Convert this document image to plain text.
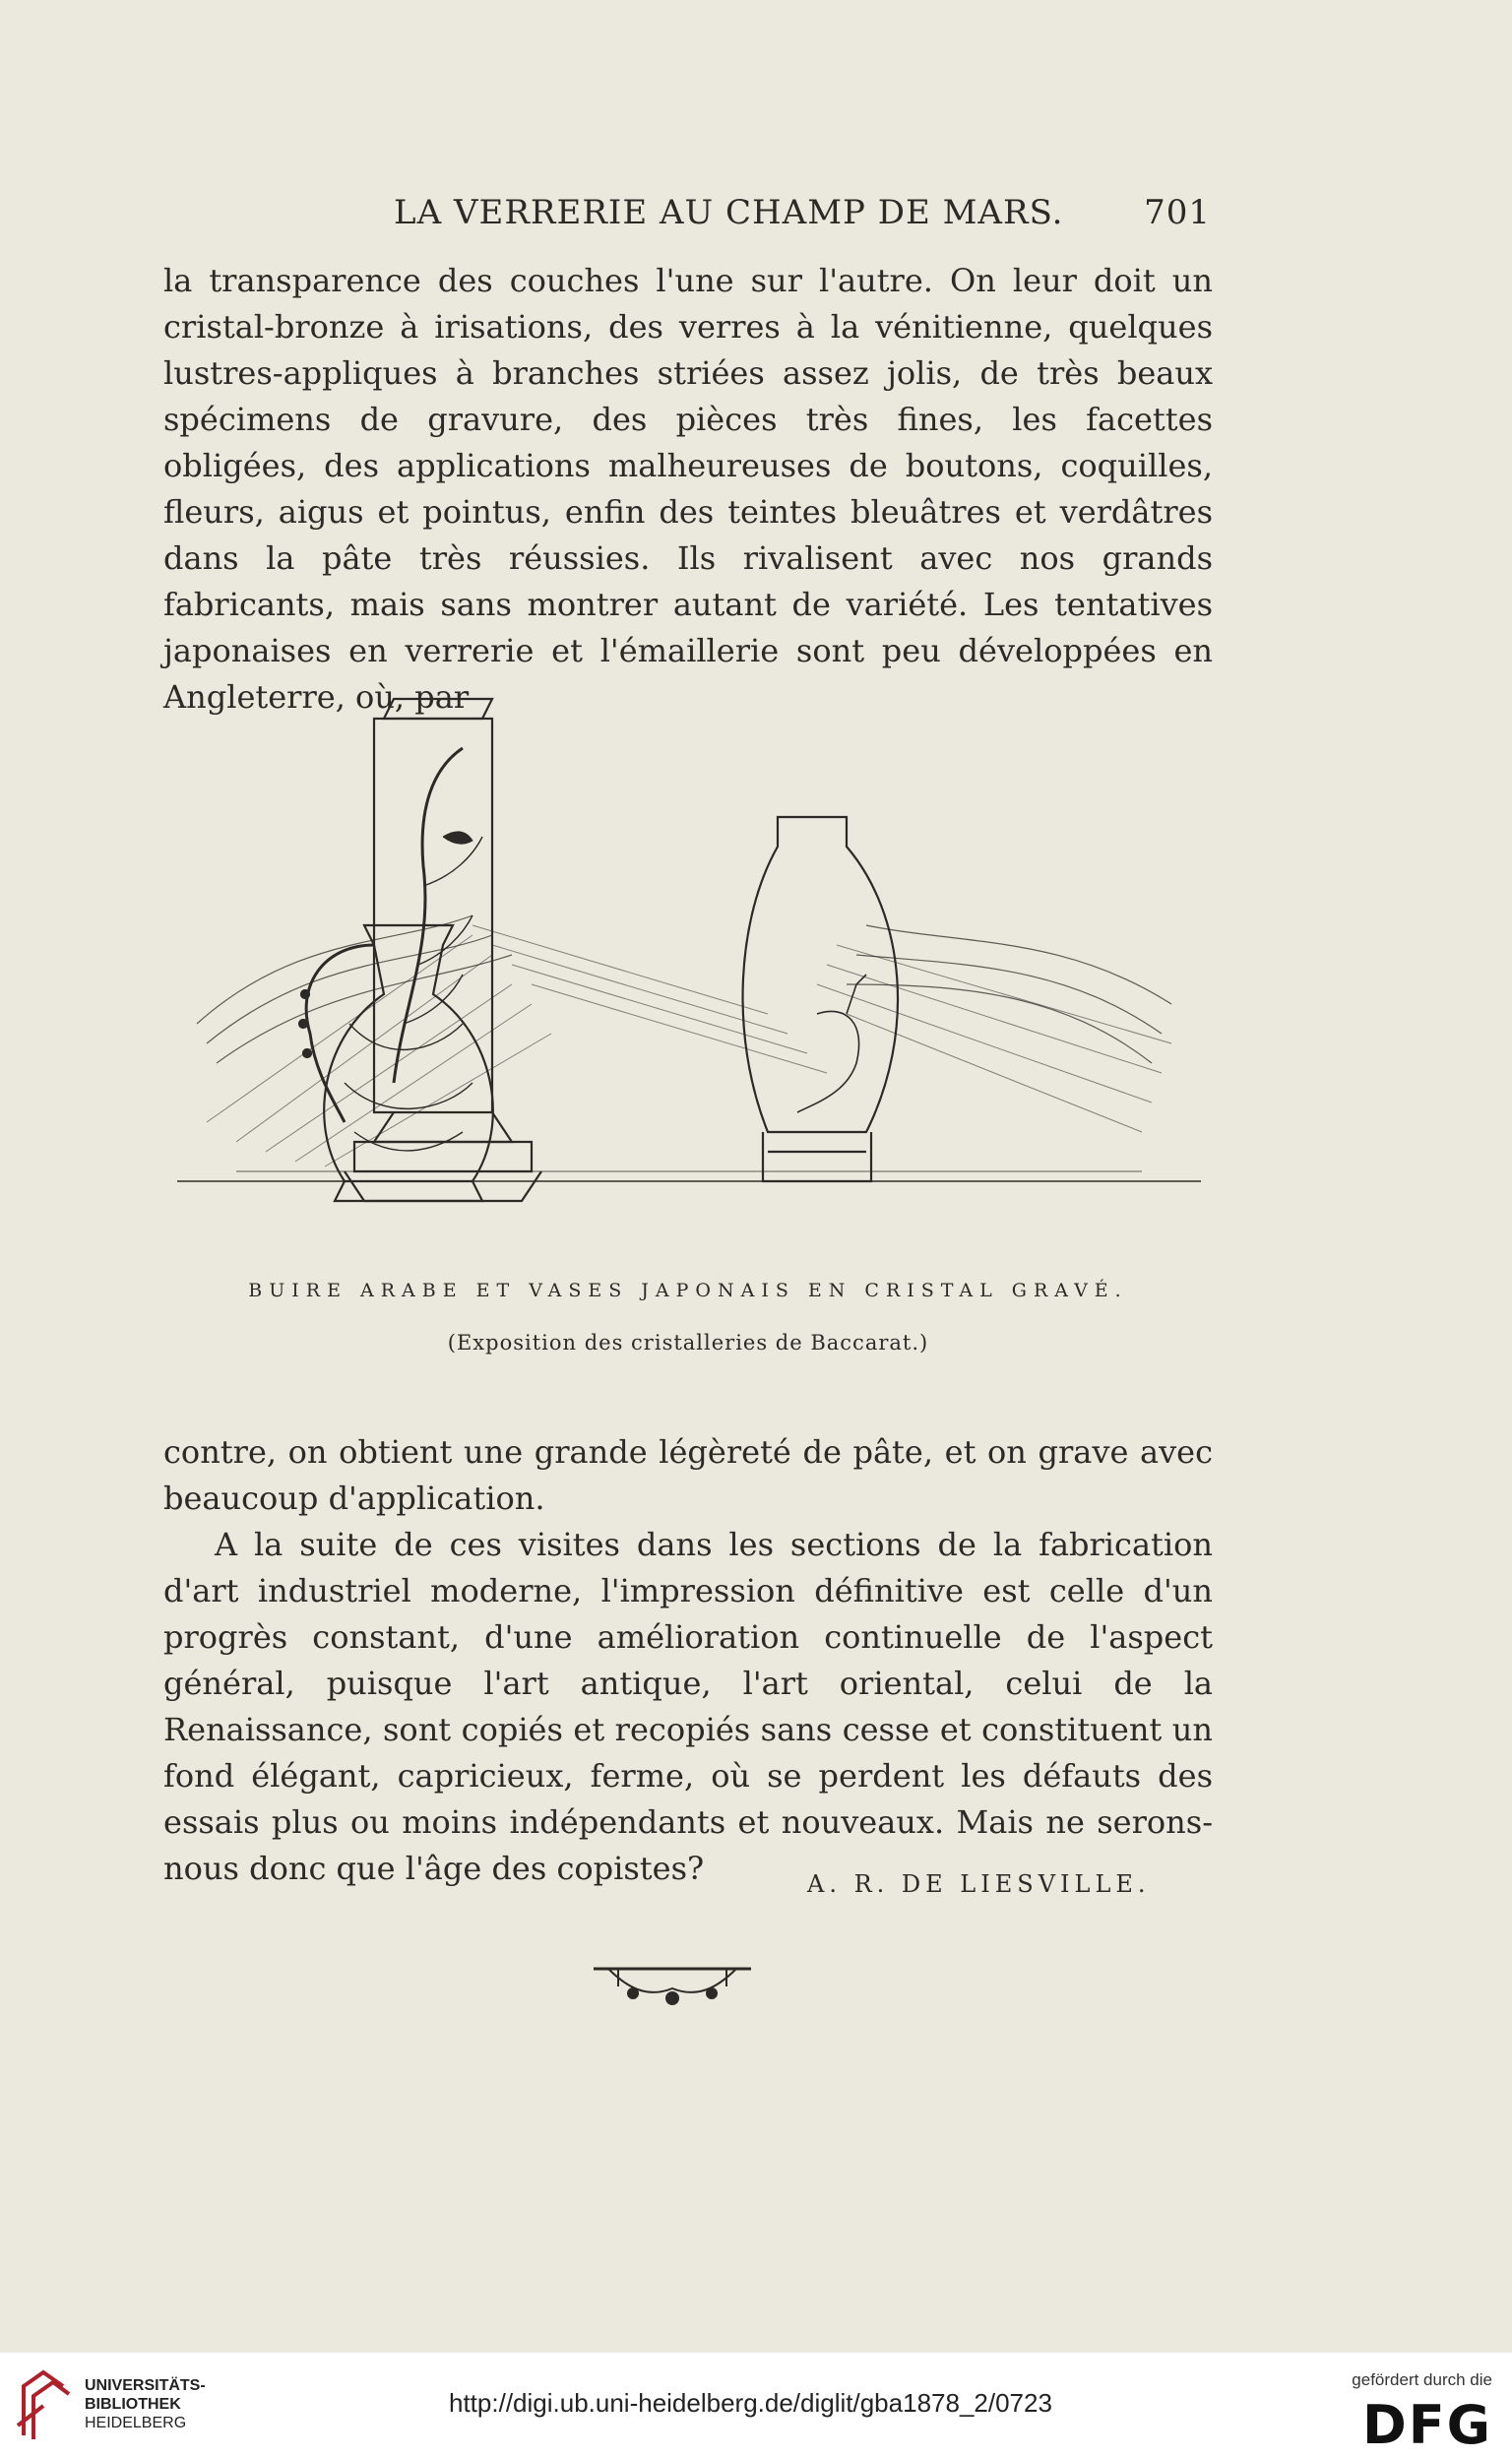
LA VERRERIE AU CHAMP DE MARS. 701

la transparence des couches l'une sur l'autre. On leur doit un cristal-bronze à irisations, des verres à la vénitienne, quelques lustres-appliques à branches striées assez jolis, de très beaux spécimens de gravure, des pièces très fines, les facettes obligées, des applications malheureuses de boutons, coquilles, fleurs, aigus et pointus, enfin des teintes bleuâtres et verdâtres dans la pâte très réussies. Ils rivalisent avec nos grands fabricants, mais sans montrer autant de variété. Les tentatives japonaises en verrerie et l'émaillerie sont peu développées en Angleterre, où, par

BUIRE ARABE ET VASES JAPONAIS EN CRISTAL GRAVÉ.
(Exposition des cristalleries de Baccarat.)

contre, on obtient une grande légèreté de pâte, et on grave avec beaucoup d'application.

A la suite de ces visites dans les sections de la fabrication d'art industriel moderne, l'impression définitive est celle d'un progrès constant, d'une amélioration continuelle de l'aspect général, puisque l'art antique, l'art oriental, celui de la Renaissance, sont copiés et recopiés sans cesse et constituent un fond élégant, capricieux, ferme, où se perdent les défauts des essais plus ou moins indépendants et nouveaux. Mais ne serons-nous donc que l'âge des copistes?	A. R. DE LIESVILLE.
UNIVERSITÄTS-
BIBLIOTHEK
HEIDELBERG
http://digi.ub.uni-heidelberg.de/diglit/gba1878_2/0723
gefördert durch die
DFG
